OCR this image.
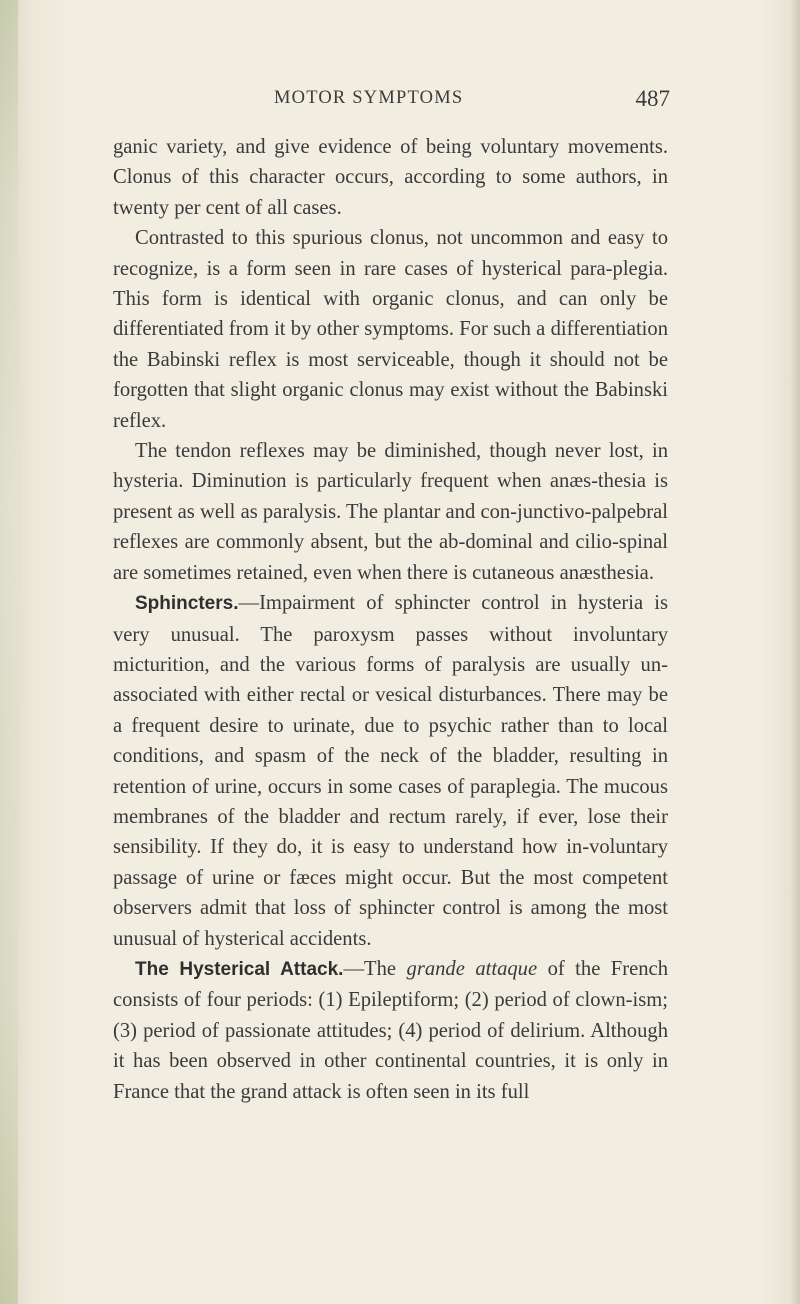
MOTOR SYMPTOMS	487

ganic variety, and give evidence of being voluntary movements. Clonus of this character occurs, according to some authors, in twenty per cent of all cases.

Contrasted to this spurious clonus, not uncommon and easy to recognize, is a form seen in rare cases of hysterical para-plegia. This form is identical with organic clonus, and can only be differentiated from it by other symptoms. For such a differentiation the Babinski reflex is most serviceable, though it should not be forgotten that slight organic clonus may exist without the Babinski reflex.

The tendon reflexes may be diminished, though never lost, in hysteria. Diminution is particularly frequent when anæs-thesia is present as well as paralysis. The plantar and con-junctivo-palpebral reflexes are commonly absent, but the ab-dominal and cilio-spinal are sometimes retained, even when there is cutaneous anæsthesia.

Sphincters.—Impairment of sphincter control in hysteria is very unusual. The paroxysm passes without involuntary micturition, and the various forms of paralysis are usually un-associated with either rectal or vesical disturbances. There may be a frequent desire to urinate, due to psychic rather than to local conditions, and spasm of the neck of the bladder, resulting in retention of urine, occurs in some cases of paraplegia. The mucous membranes of the bladder and rectum rarely, if ever, lose their sensibility. If they do, it is easy to understand how in-voluntary passage of urine or fæces might occur. But the most competent observers admit that loss of sphincter control is among the most unusual of hysterical accidents.

The Hysterical Attack.—The grande attaque of the French consists of four periods: (1) Epileptiform; (2) period of clown-ism; (3) period of passionate attitudes; (4) period of delirium. Although it has been observed in other continental countries, it is only in France that the grand attack is often seen in its full
